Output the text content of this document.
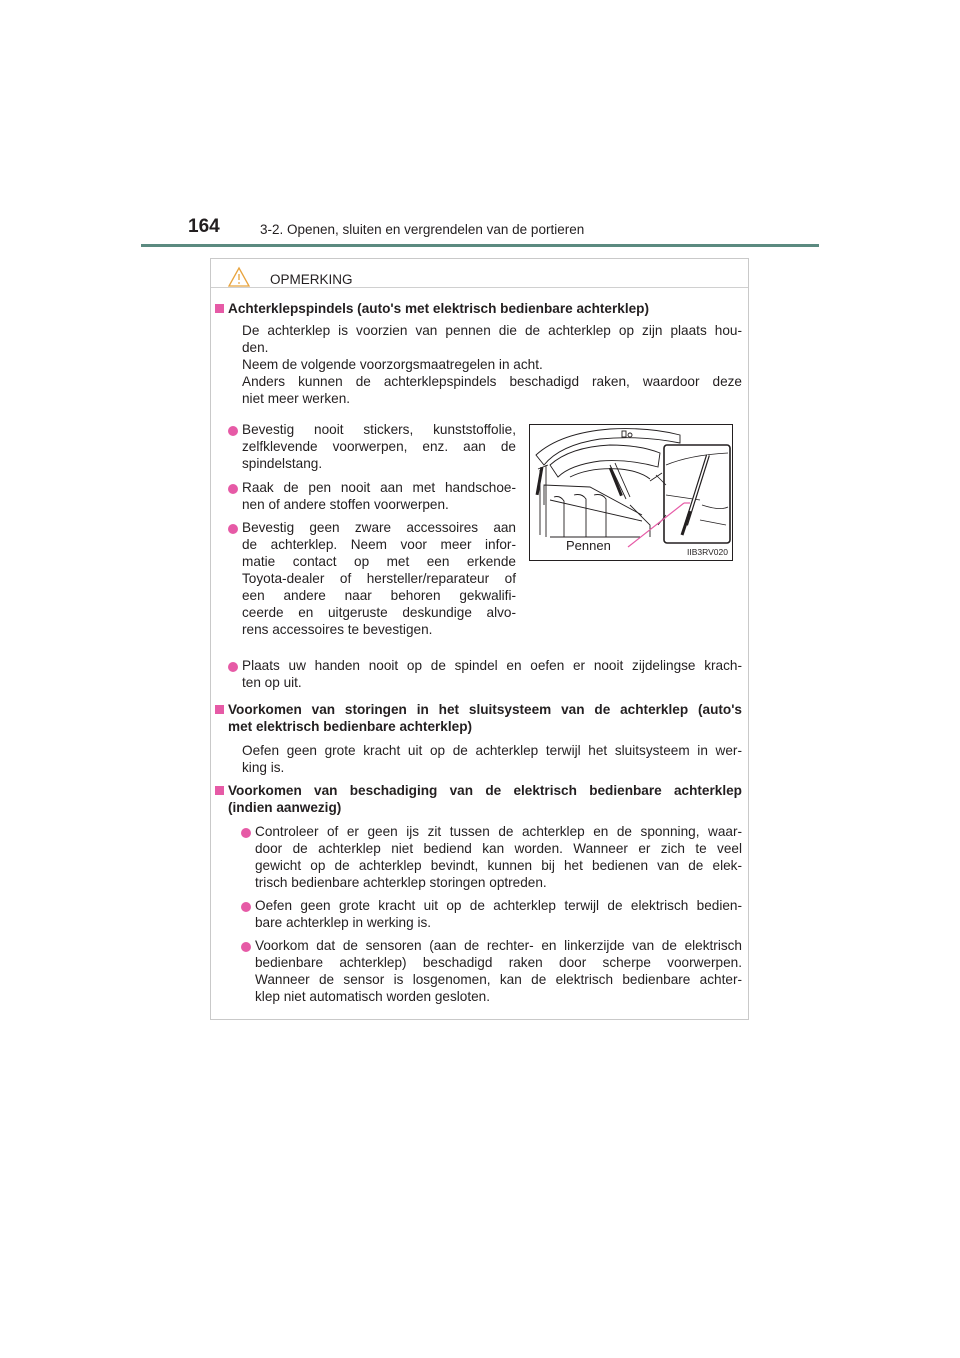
164	3-2. Openen, sluiten en vergrendelen van de portieren
OPMERKING
Achterklepspindels (auto's met elektrisch bedienbare achterklep)
De achterklep is voorzien van pennen die de achterklep op zijn plaats hou-
den.
Neem de volgende voorzorgsmaatregelen in acht.
Anders kunnen de achterklepspindels beschadigd raken, waardoor deze
niet meer werken.
Bevestig nooit stickers, kunststoffolie,
zelfklevende voorwerpen, enz. aan de
spindelstang.
Raak de pen nooit aan met handschoe-
nen of andere stoffen voorwerpen.
Bevestig geen zware accessoires aan
de achterklep. Neem voor meer infor-
matie contact op met een erkende
Toyota-dealer of hersteller/reparateur of
een andere naar behoren gekwalifi-
ceerde en uitgeruste deskundige alvo-
rens accessoires te bevestigen.
Pennen	IIB3RV020
Plaats uw handen nooit op de spindel en oefen er nooit zijdelingse krach-
ten op uit.
Voorkomen van storingen in het sluitsysteem van de achterklep (auto's
met elektrisch bedienbare achterklep)
Oefen geen grote kracht uit op de achterklep terwijl het sluitsysteem in wer-
king is.
Voorkomen van beschadiging van de elektrisch bedienbare achterklep
(indien aanwezig)
Controleer of er geen ijs zit tussen de achterklep en de sponning, waar-
door de achterklep niet bediend kan worden. Wanneer er zich te veel
gewicht op de achterklep bevindt, kunnen bij het bedienen van de elek-
trisch bedienbare achterklep storingen optreden.
Oefen geen grote kracht uit op de achterklep terwijl de elektrisch bedien-
bare achterklep in werking is.
Voorkom dat de sensoren (aan de rechter- en linkerzijde van de elektrisch
bedienbare achterklep) beschadigd raken door scherpe voorwerpen.
Wanneer de sensor is losgenomen, kan de elektrisch bedienbare achter-
klep niet automatisch worden gesloten.
